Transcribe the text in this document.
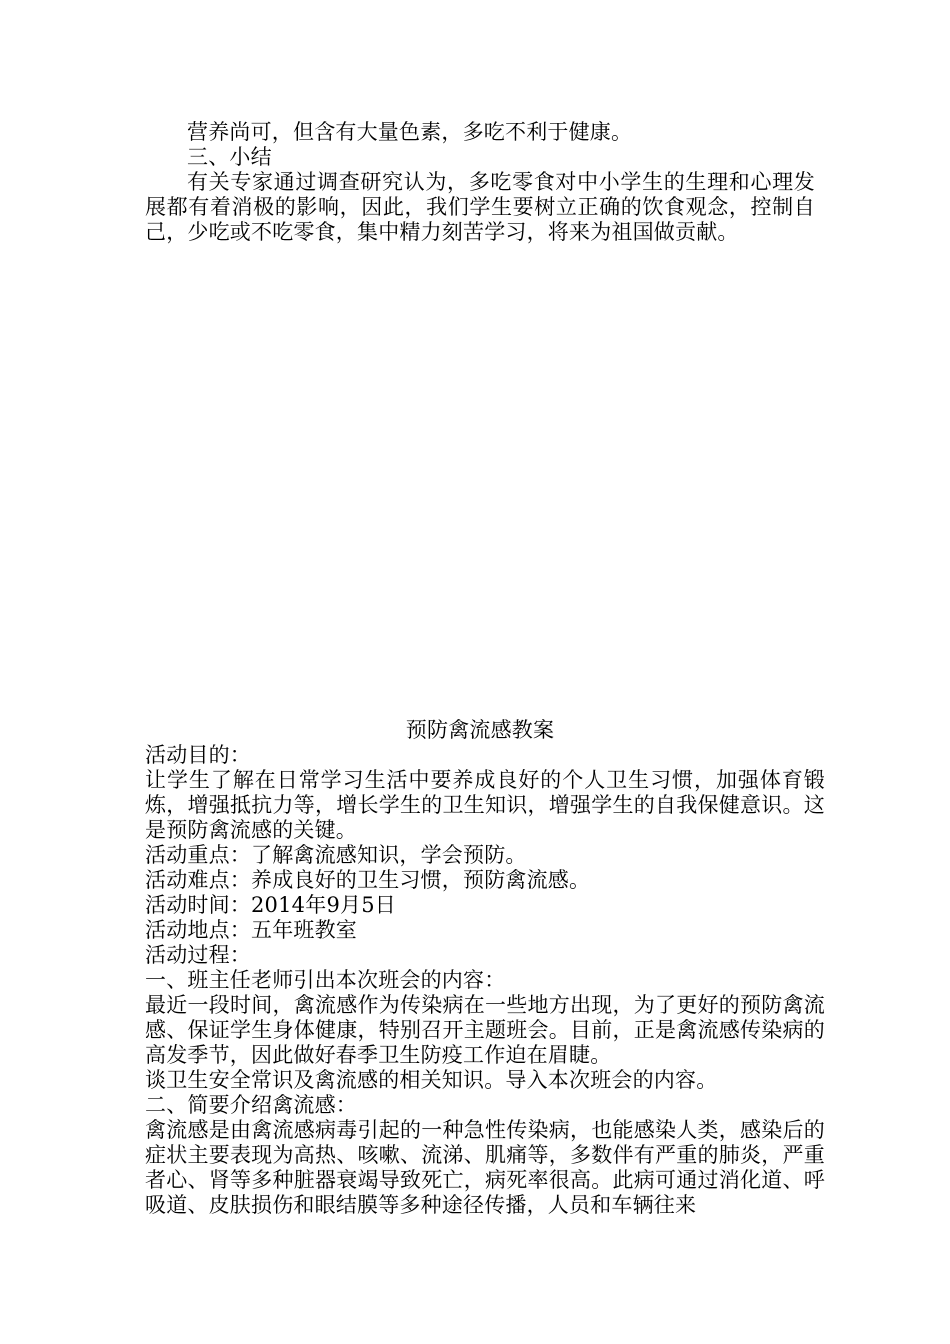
营养尚可，但含有大量色素，多吃不利于健康。

三、小结

有关专家通过调查研究认为，多吃零食对中小学生的生理和心理发展都有着消极的影响，因此，我们学生要树立正确的饮食观念，控制自己，少吃或不吃零食，集中精力刻苦学习，将来为祖国做贡献。

预防禽流感教案

活动目的：

让学生了解在日常学习生活中要养成良好的个人卫生习惯，加强体育锻炼，增强抵抗力等，增长学生的卫生知识，增强学生的自我保健意识。这是预防禽流感的关键。

活动重点：了解禽流感知识，学会预防。

活动难点：养成良好的卫生习惯，预防禽流感。

活动时间：2014年9月5日

活动地点：五年班教室

活动过程：

一、班主任老师引出本次班会的内容：

最近一段时间，禽流感作为传染病在一些地方出现，为了更好的预防禽流感、保证学生身体健康，特别召开主题班会。目前，正是禽流感传染病的高发季节，因此做好春季卫生防疫工作迫在眉睫。

谈卫生安全常识及禽流感的相关知识。导入本次班会的内容。

二、简要介绍禽流感：

禽流感是由禽流感病毒引起的一种急性传染病，也能感染人类，感染后的症状主要表现为高热、咳嗽、流涕、肌痛等，多数伴有严重的肺炎，严重者心、肾等多种脏器衰竭导致死亡，病死率很高。此病可通过消化道、呼吸道、皮肤损伤和眼结膜等多种途径传播，人员和车辆往来
